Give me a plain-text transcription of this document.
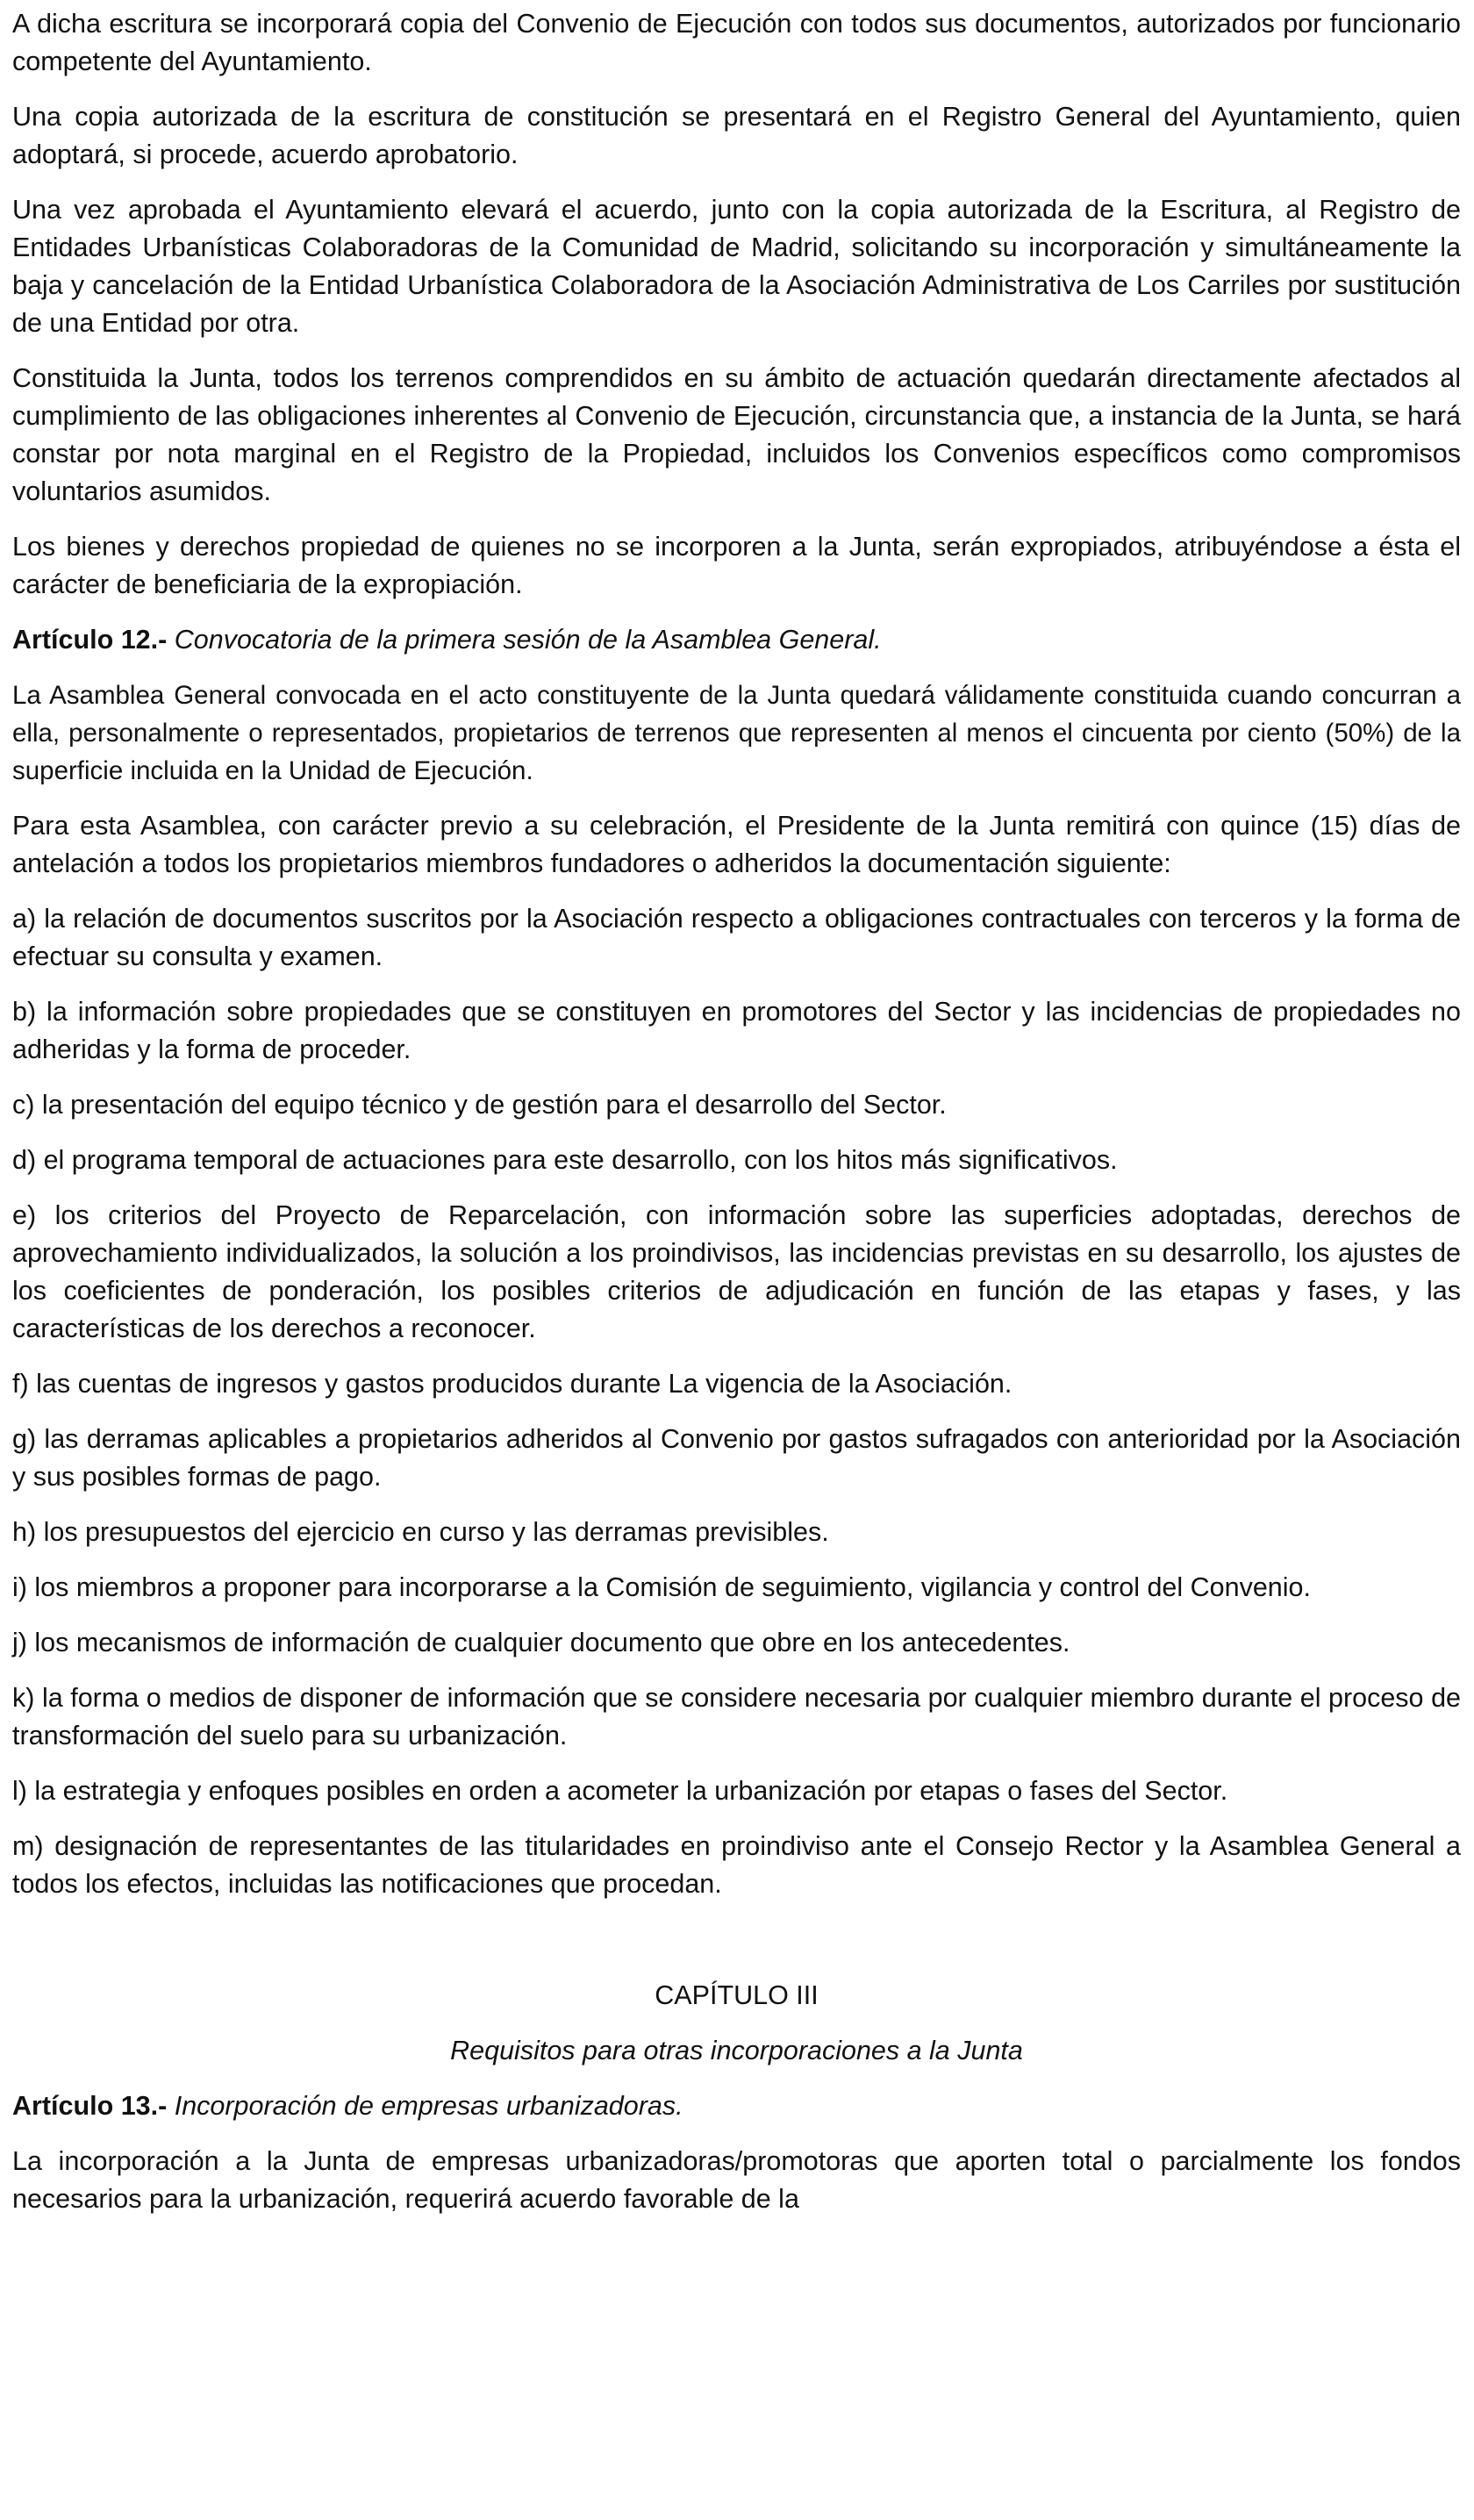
A dicha escritura se incorporará copia del Convenio de Ejecución con todos sus documentos, autorizados por funcionario competente del Ayuntamiento.

Una copia autorizada de la escritura de constitución se presentará en el Registro General del Ayuntamiento, quien adoptará, si procede, acuerdo aprobatorio.

Una vez aprobada el Ayuntamiento elevará el acuerdo, junto con la copia autorizada de la Escritura, al Registro de Entidades Urbanísticas Colaboradoras de la Comunidad de Madrid, solicitando su incorporación y simultáneamente la baja y cancelación de la Entidad Urbanística Colaboradora de la Asociación Administrativa de Los Carriles por sustitución de una Entidad por otra.

Constituida la Junta, todos los terrenos comprendidos en su ámbito de actuación quedarán directamente afectados al cumplimiento de las obligaciones inherentes al Convenio de Ejecución, circunstancia que, a instancia de la Junta, se hará constar por nota marginal en el Registro de la Propiedad, incluidos los Convenios específicos como compromisos voluntarios asumidos.

Los bienes y derechos propiedad de quienes no se incorporen a la Junta, serán expropiados, atribuyéndose a ésta el carácter de beneficiaria de la expropiación.

Artículo 12.- Convocatoria de la primera sesión de la Asamblea General.

La Asamblea General convocada en el acto constituyente de la Junta quedará válidamente constituida cuando concurran a ella, personalmente o representados, propietarios de terrenos que representen al menos el cincuenta por ciento (50%) de la superficie incluida en la Unidad de Ejecución.

Para esta Asamblea, con carácter previo a su celebración, el Presidente de la Junta remitirá con quince (15) días de antelación a todos los propietarios miembros fundadores o adheridos la documentación siguiente:

a) la relación de documentos suscritos por la Asociación respecto a obligaciones contractuales con terceros y la forma de efectuar su consulta y examen.

b) la información sobre propiedades que se constituyen en promotores del Sector y las incidencias de propiedades no adheridas y la forma de proceder.

c) la presentación del equipo técnico y de gestión para el desarrollo del Sector.

d) el programa temporal de actuaciones para este desarrollo, con los hitos más significativos.

e) los criterios del Proyecto de Reparcelación, con información sobre las superficies adoptadas, derechos de aprovechamiento individualizados, la solución a los proindivisos, las incidencias previstas en su desarrollo, los ajustes de los coeficientes de ponderación, los posibles criterios de adjudicación en función de las etapas y fases, y las características de los derechos a reconocer.

f) las cuentas de ingresos y gastos producidos durante La vigencia de la Asociación.

g) las derramas aplicables a propietarios adheridos al Convenio por gastos sufragados con anterioridad por la Asociación y sus posibles formas de pago.

h) los presupuestos del ejercicio en curso y las derramas previsibles.

i) los miembros a proponer para incorporarse a la Comisión de seguimiento, vigilancia y control del Convenio.

j) los mecanismos de información de cualquier documento que obre en los antecedentes.

k) la forma o medios de disponer de información que se considere necesaria por cualquier miembro durante el proceso de transformación del suelo para su urbanización.

l) la estrategia y enfoques posibles en orden a acometer la urbanización por etapas o fases del Sector.

m) designación de representantes de las titularidades en proindiviso ante el Consejo Rector y la Asamblea General a todos los efectos, incluidas las notificaciones que procedan.

CAPÍTULO III
Requisitos para otras incorporaciones a la Junta
Artículo 13.- Incorporación de empresas urbanizadoras.

La incorporación a la Junta de empresas urbanizadoras/promotoras que aporten total o parcialmente los fondos necesarios para la urbanización, requerirá acuerdo favorable de la
